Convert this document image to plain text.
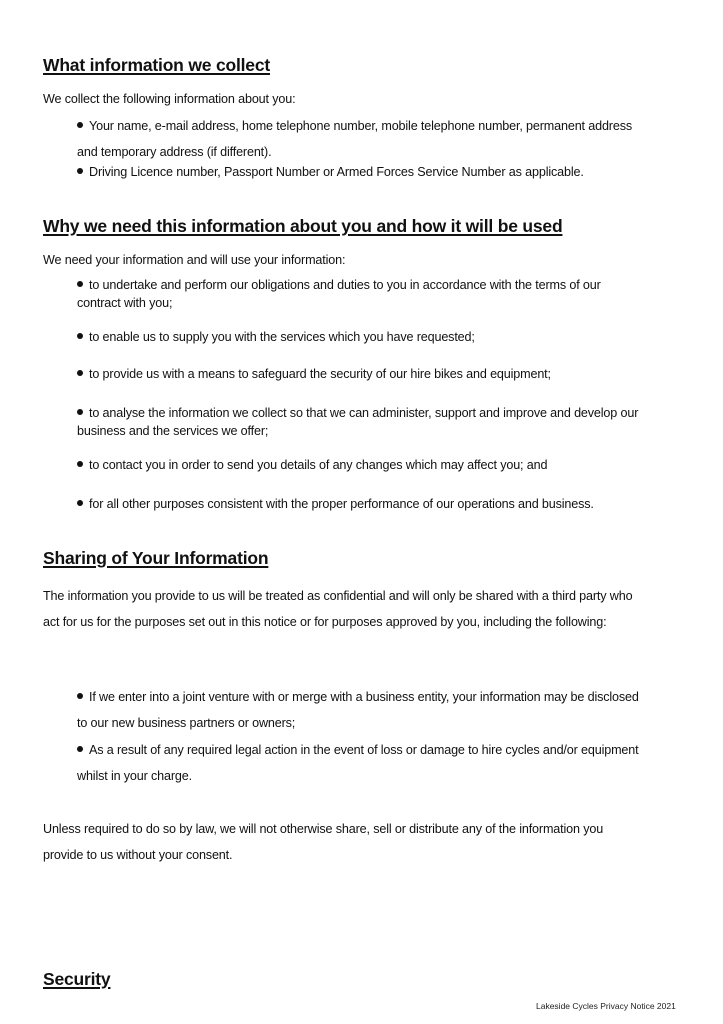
What information we collect
We collect the following information about you:
Your name, e-mail address, home telephone number, mobile telephone number, permanent address and temporary address (if different).
Driving Licence number, Passport Number or Armed Forces Service Number as applicable.
Why we need this information about you and how it will be used
We need your information and will use your information:
to undertake and perform our obligations and duties to you in accordance with the terms of our contract with you;
to enable us to supply you with the services which you have requested;
to provide us with a means to safeguard the security of our hire bikes and equipment;
to analyse the information we collect so that we can administer, support and improve and develop our business and the services we offer;
to contact you in order to send you details of any changes which may affect you; and
for all other purposes consistent with the proper performance of our operations and business.
Sharing of Your Information
The information you provide to us will be treated as confidential and will only be shared with a third party who act for us for the purposes set out in this notice or for purposes approved by you, including the following:
If we enter into a joint venture with or merge with a business entity, your information may be disclosed to our new business partners or owners;
As a result of any required legal action in the event of loss or damage to hire cycles and/or equipment whilst in your charge.
Unless required to do so by law, we will not otherwise share, sell or distribute any of the information you provide to us without your consent.
Security
Lakeside Cycles Privacy Notice 2021
